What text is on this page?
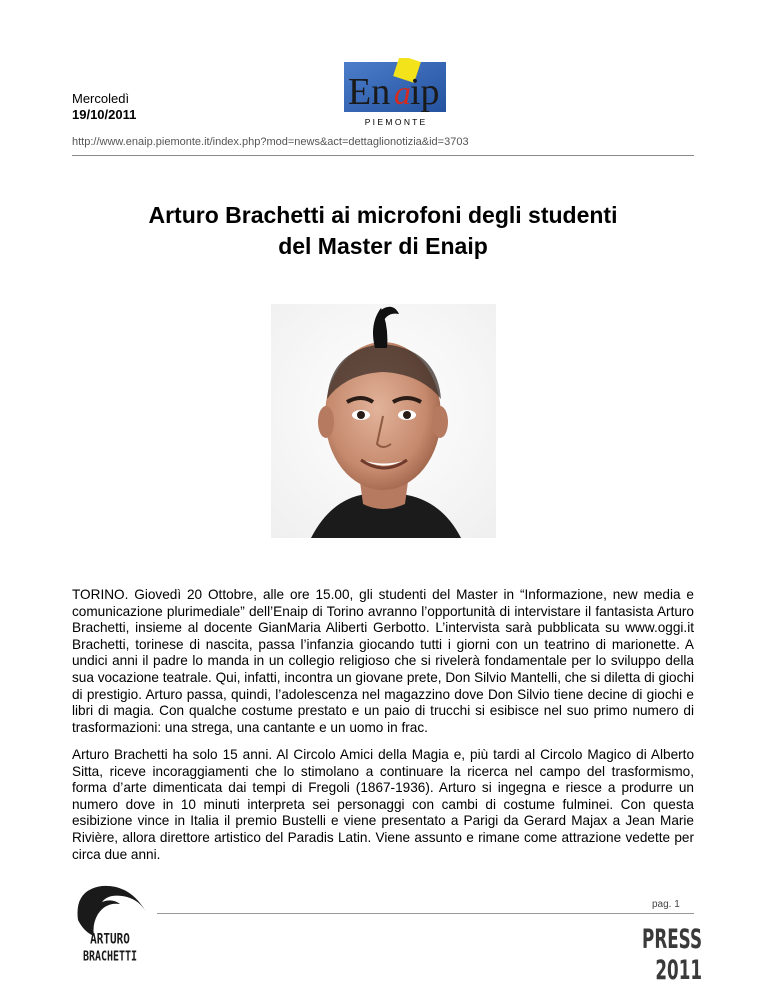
Mercoledì
19/10/2011
En a ip
P I E M O N T E
http://www.enaip.piemonte.it/index.php?mod=news&act=dettaglionotizia&id=3703
Arturo Brachetti ai microfoni degli studenti
del Master di Enaip

TORINO. Giovedì 20 Ottobre, alle ore 15.00, gli studenti del Master in “Informazione, new media e comunicazione plurimediale” dell’Enaip di Torino avranno l’opportunità di intervistare il fantasista Arturo Brachetti, insieme al docente GianMaria Aliberti Gerbotto. L’intervista sarà pubblicata su www.oggi.it Brachetti, torinese di nascita, passa l’infanzia giocando tutti i giorni con un teatrino di marionette. A undici anni il padre lo manda in un collegio religioso che si rivelerà fondamentale per lo sviluppo della sua vocazione teatrale. Qui, infatti, incontra un giovane prete, Don Silvio Mantelli, che si diletta di giochi di prestigio. Arturo passa, quindi, l’adolescenza nel magazzino dove Don Silvio tiene decine di giochi e libri di magia. Con qualche costume prestato e un paio di trucchi si esibisce nel suo primo numero di trasformazioni: una strega, una cantante e un uomo in frac.

Arturo Brachetti ha solo 15 anni. Al Circolo Amici della Magia e, più tardi al Circolo Magico di Alberto Sitta, riceve incoraggiamenti che lo stimolano a continuare la ricerca nel campo del trasformismo, forma d’arte dimenticata dai tempi di Fregoli (1867-1936). Arturo si ingegna e riesce a produrre un numero dove in 10 minuti interpreta sei personaggi con cambi di costume fulminei. Con questa esibizione vince in Italia il premio Bustelli e viene presentato a Parigi da Gerard Majax a Jean Marie Rivière, allora direttore artistico del Paradis Latin. Viene assunto e rimane come attrazione vedette per circa due anni.

ARTURO
BRACHETTI
pag. 1
PRESS 2011
